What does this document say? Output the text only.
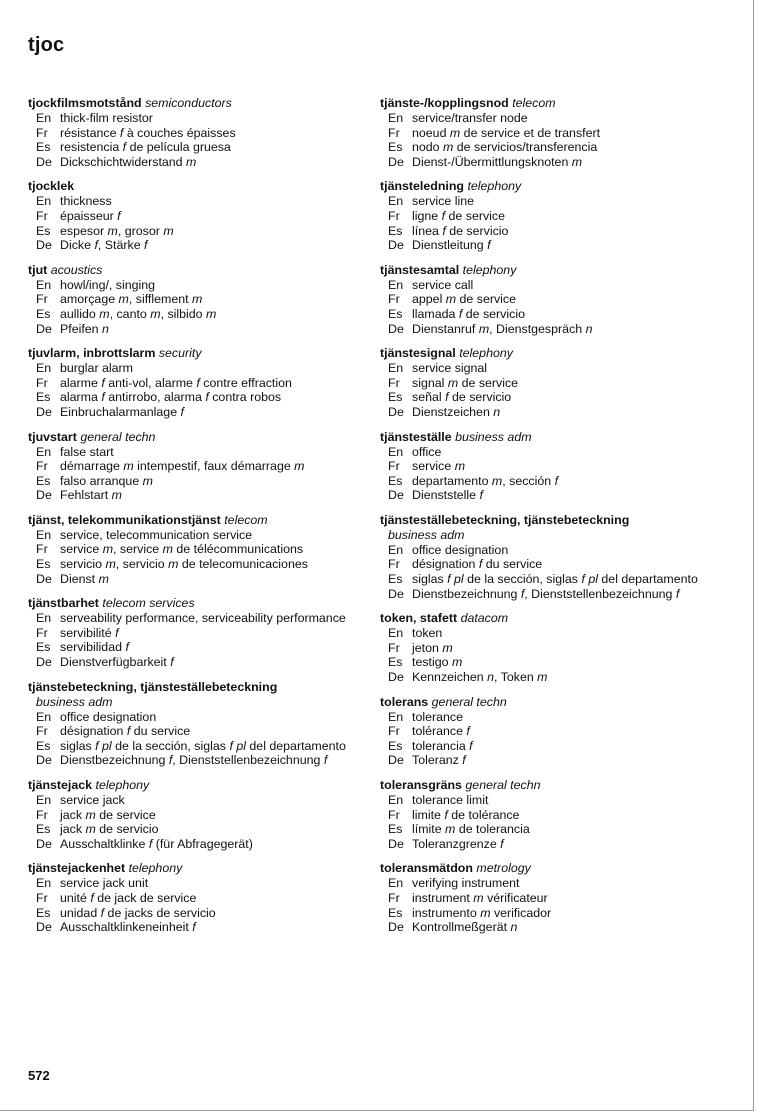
tjoc
tjockfilmsmotstånd semiconductors
En thick-film resistor
Fr résistance f à couches épaisses
Es resistencia f de película gruesa
De Dickschichtwiderstand m
tjocklek
En thickness
Fr épaisseur f
Es espesor m, grosor m
De Dicke f, Stärke f
tjut acoustics
En howl/ing/, singing
Fr amorçage m, sifflement m
Es aullido m, canto m, silbido m
De Pfeifen n
tjuvlarm, inbrottslarm security
En burglar alarm
Fr alarme f anti-vol, alarme f contre effraction
Es alarma f antirrobo, alarma f contra robos
De Einbruchalarmanlage f
tjuvstart general techn
En false start
Fr démarrage m intempestif, faux démarrage m
Es falso arranque m
De Fehlstart m
tjänst, telekommunikationstjänst telecom
En service, telecommunication service
Fr service m, service m de télécommunications
Es servicio m, servicio m de telecomunicaciones
De Dienst m
tjänstbarhet telecom services
En serveability performance, serviceability performance
Fr servibilité f
Es servibilidad f
De Dienstverfügbarkeit f
tjänstebeteckning, tjänsteställebeteckning
business adm
En office designation
Fr désignation f du service
Es siglas f pl de la sección, siglas f pl del departamento
De Dienstbezeichnung f, Dienststellenbezeichnung f
tjänstejack telephony
En service jack
Fr jack m de service
Es jack m de servicio
De Ausschaltklinke f (für Abfragegerät)
tjänstejackenhet telephony
En service jack unit
Fr unité f de jack de service
Es unidad f de jacks de servicio
De Ausschaltklinkeneinheit f
tjänste-/kopplingsnod telecom
En service/transfer node
Fr noeud m de service et de transfert
Es nodo m de servicios/transferencia
De Dienst-/Übermittlungsknoten m
tjänsteledning telephony
En service line
Fr ligne f de service
Es línea f de servicio
De Dienstleitung f
tjänstesamtal telephony
En service call
Fr appel m de service
Es llamada f de servicio
De Dienstanruf m, Dienstgespräch n
tjänstesignal telephony
En service signal
Fr signal m de service
Es señal f de servicio
De Dienstzeichen n
tjänsteställe business adm
En office
Fr service m
Es departamento m, sección f
De Dienststelle f
tjänsteställebeteckning, tjänstebeteckning
business adm
En office designation
Fr désignation f du service
Es siglas f pl de la sección, siglas f pl del departamento
De Dienstbezeichnung f, Dienststellenbezeichnung f
token, stafett datacom
En token
Fr jeton m
Es testigo m
De Kennzeichen n, Token m
tolerans general techn
En tolerance
Fr tolérance f
Es tolerancia f
De Toleranz f
toleransgräns general techn
En tolerance limit
Fr limite f de tolérance
Es límite m de tolerancia
De Toleranzgrenze f
toleransmätdon metrology
En verifying instrument
Fr instrument m vérificateur
Es instrumento m verificador
De Kontrollmeßgerät n
572
